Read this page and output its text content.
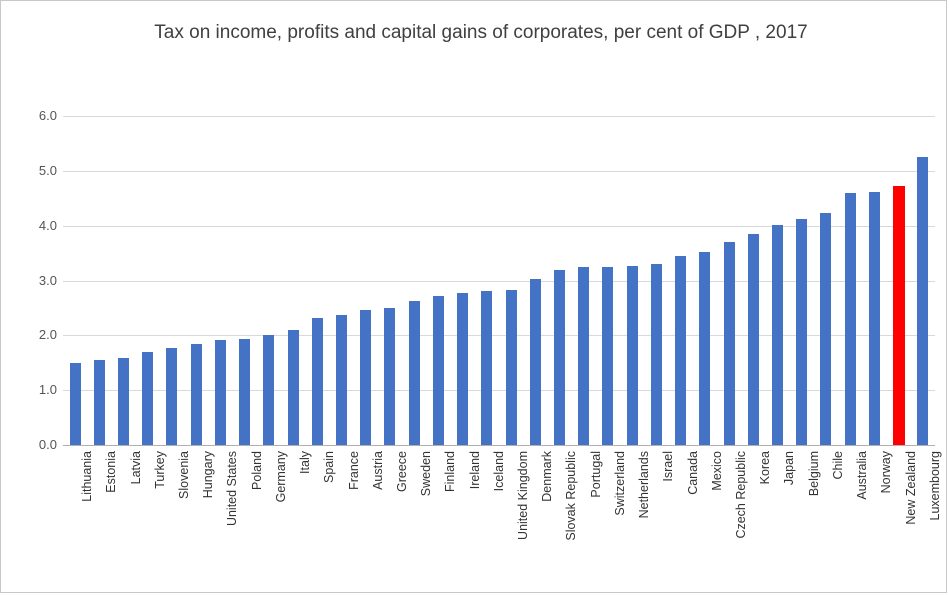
Tax on income, profits and capital gains of corporates, per cent of GDP , 2017
0.0
1.0
2.0
3.0
4.0
5.0
6.0
Lithuania Estonia Latvia Turkey Slovenia Hungary United States Poland Germany Italy Spain France Austria Greece Sweden Finland Ireland Iceland United Kingdom Denmark Slovak Republic Portugal Switzerland Netherlands Israel Canada Mexico Czech Republic Korea Japan Belgium Chile Australia Norway New Zealand Luxembourg
